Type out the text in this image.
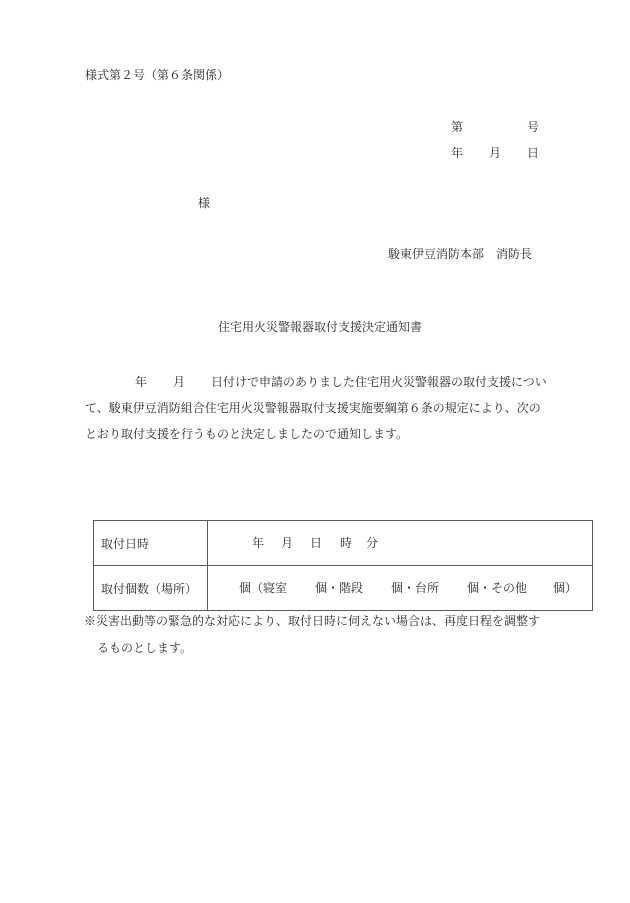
様式第２号（第６条関係）
第	号
年 月 日
様
駿東伊豆消防本部　消防長
住宅用火災警報器取付支援決定通知書
年 月 日付けで申請のありました住宅用火災警報器の取付支援につい
て、駿東伊豆消防組合住宅用火災警報器取付支援実施要綱第６条の規定により、次の
とおり取付支援を行うものと決定しましたので通知します。
取付日時	年 月 日 時 分

取付個数（場所）	個（寝室 個・階段 個・台所 個・その他 個）
※災害出動等の緊急的な対応により、取付日時に伺えない場合は、再度日程を調整す
るものとします。
